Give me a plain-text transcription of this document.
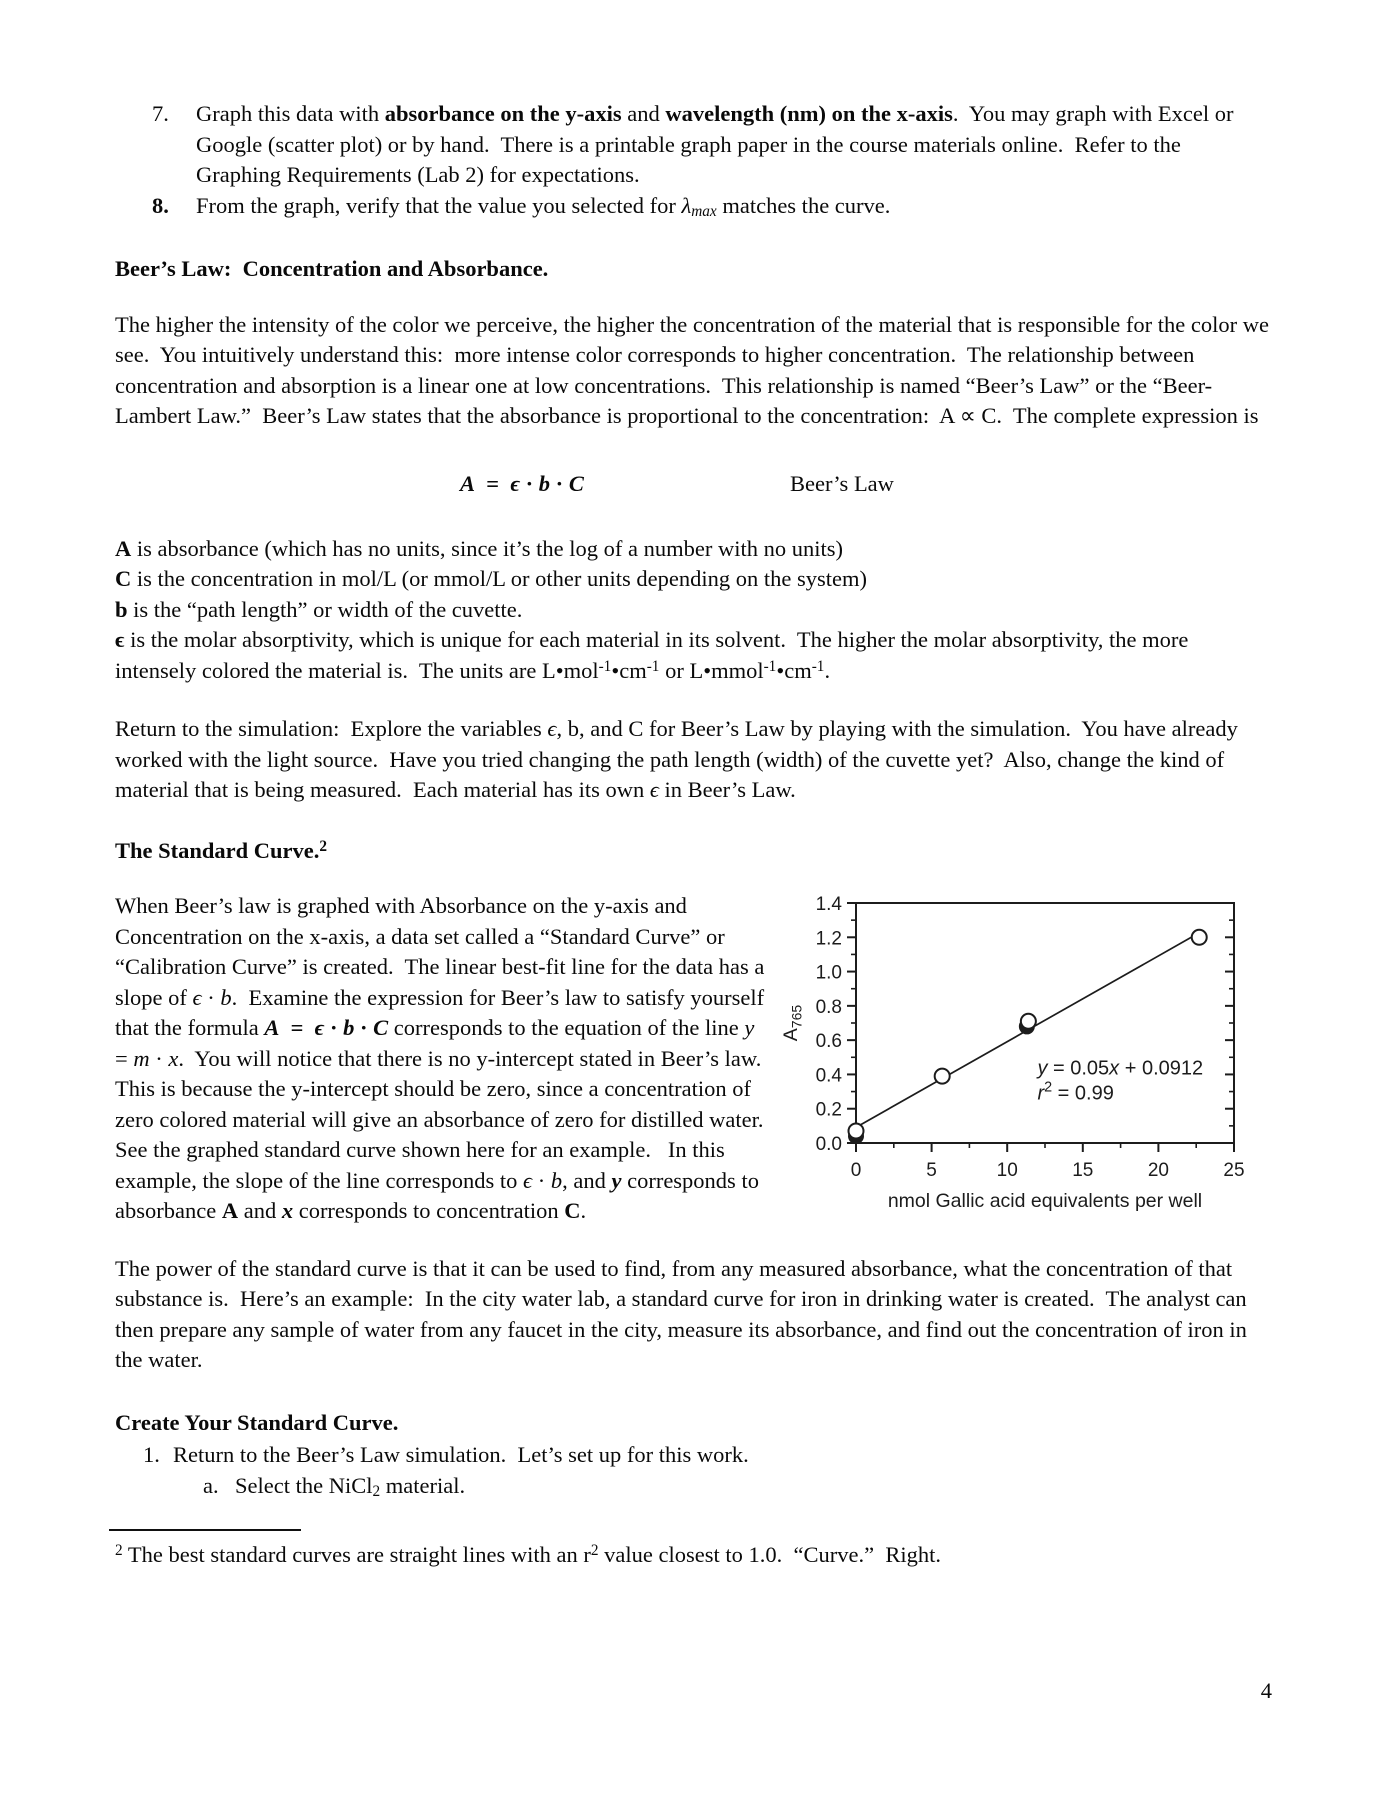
7.	Graph this data with absorbance on the y-axis and wavelength (nm) on the x-axis.  You may graph with Excel or Google (scatter plot) or by hand.  There is a printable graph paper in the course materials online.  Refer to the Graphing Requirements (Lab 2) for expectations.
8.	From the graph, verify that the value you selected for $\lambda_{max}$ matches the curve.
Beer’s Law:  Concentration and Absorbance.
The higher the intensity of the color we perceive, the higher the concentration of the material that is responsible for the color we see.  You intuitively understand this:  more intense color corresponds to higher concentration.  The relationship between concentration and absorption is a linear one at low concentrations.  This relationship is named “Beer’s Law” or the “Beer-Lambert Law.”  Beer’s Law states that the absorbance is proportional to the concentration:  A ∝ C.  The complete expression is
A  =  ϵ · b · C	Beer’s Law
A is absorbance (which has no units, since it’s the log of a number with no units)
C is the concentration in mol/L (or mmol/L or other units depending on the system)
b is the “path length” or width of the cuvette.
ϵ is the molar absorptivity, which is unique for each material in its solvent.  The higher the molar absorptivity, the more intensely colored the material is.  The units are $L•mol^{-1}•cm^{-1}$ or $L•mmol^{-1}•cm^{-1}$.
Return to the simulation:  Explore the variables ϵ, b, and C for Beer’s Law by playing with the simulation.  You have already worked with the light source.  Have you tried changing the path length (width) of the cuvette yet?  Also, change the kind of material that is being measured.  Each material has its own ϵ in Beer’s Law.
The Standard Curve.$^2$
0.0
0.2
0.4
0.6
0.8
1.0
1.2
1.4
0	5	10	15	20	25
nmol Gallic acid equivalents per well
$A_{765}$
y = 0.05x + 0.0912
$r^2 = 0.99$
When Beer’s law is graphed with Absorbance on the y-axis and Concentration on the x-axis, a data set called a “Standard Curve” or “Calibration Curve” is created.  The linear best-fit line for the data has a slope of ϵ · b.  Examine the expression for Beer’s law to satisfy yourself that the formula A  =  ϵ · b · C corresponds to the equation of the line y = m · x.  You will notice that there is no y-intercept stated in Beer’s law.  This is because the y-intercept should be zero, since a concentration of zero colored material will give an absorbance of zero for distilled water.  See the graphed standard curve shown here for an example.   In this example, the slope of the line corresponds to ϵ · b, and y corresponds to absorbance A and x corresponds to concentration C.
The power of the standard curve is that it can be used to find, from any measured absorbance, what the concentration of that substance is.  Here’s an example:  In the city water lab, a standard curve for iron in drinking water is created.  The analyst can then prepare any sample of water from any faucet in the city, measure its absorbance, and find out the concentration of iron in the water.
Create Your Standard Curve.
1. Return to the Beer’s Law simulation.  Let’s set up for this work.
a. Select the NiCl$_2$ material.
$^2$ The best standard curves are straight lines with an $r^2$ value closest to 1.0.  “Curve.”  Right.
4
